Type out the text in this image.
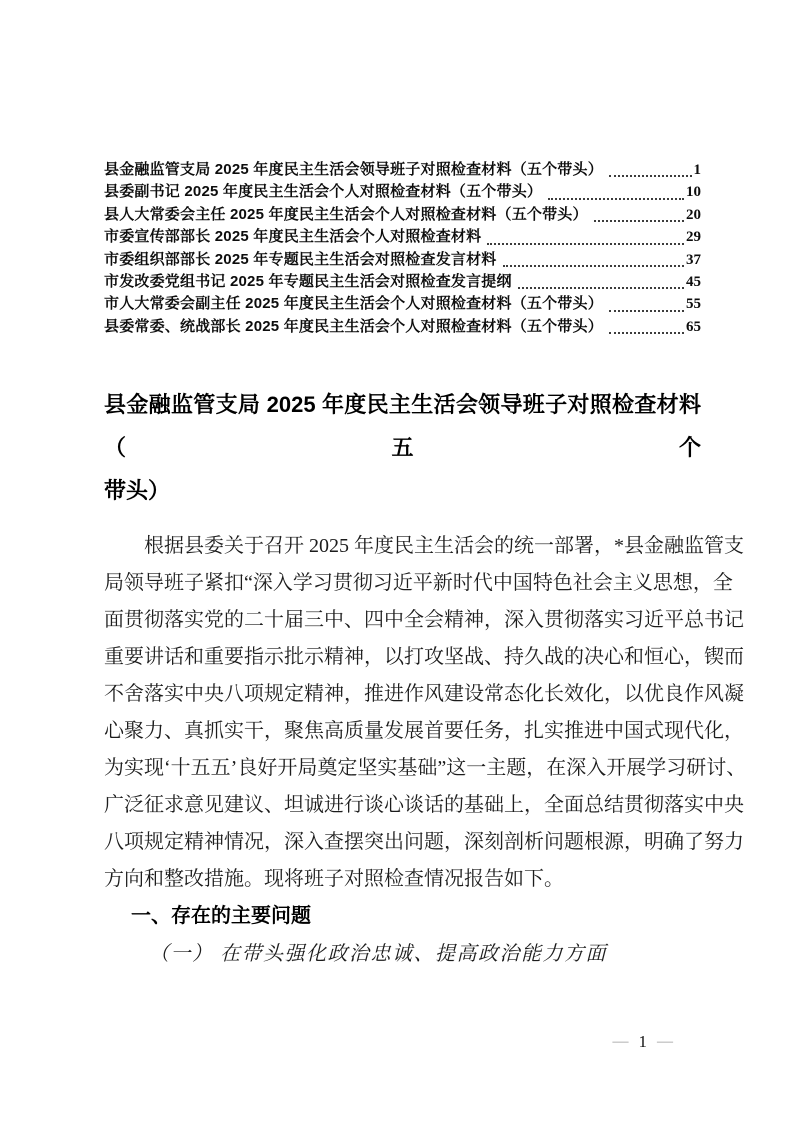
县金融监管支局 2025 年度民主生活会领导班子对照检查材料（五个带头）	1
县委副书记 2025 年度民主生活会个人对照检查材料（五个带头）	10
县人大常委会主任 2025 年度民主生活会个人对照检查材料（五个带头）	20
市委宣传部部长 2025 年度民主生活会个人对照检查材料	29
市委组织部部长 2025 年专题民主生活会对照检查发言材料	37
市发改委党组书记 2025 年专题民主生活会对照检查发言提纲	45
市人大常委会副主任 2025 年度民主生活会个人对照检查材料（五个带头）	55
县委常委、统战部长 2025 年度民主生活会个人对照检查材料（五个带头）	65
县金融监管支局 2025 年度民主生活会领导班子对照检查材料（五个
带头）
根据县委关于召开 2025 年度民主生活会的统一部署，*县金融监管支
局领导班子紧扣“深入学习贯彻习近平新时代中国特色社会主义思想，全
面贯彻落实党的二十届三中、四中全会精神，深入贯彻落实习近平总书记
重要讲话和重要指示批示精神，以打攻坚战、持久战的决心和恒心，锲而
不舍落实中央八项规定精神，推进作风建设常态化长效化，以优良作风凝
心聚力、真抓实干，聚焦高质量发展首要任务，扎实推进中国式现代化，
为实现‘十五五’良好开局奠定坚实基础”这一主题，在深入开展学习研讨、
广泛征求意见建议、坦诚进行谈心谈话的基础上，全面总结贯彻落实中央
八项规定精神情况，深入查摆突出问题，深刻剖析问题根源，明确了努力
方向和整改措施。现将班子对照检查情况报告如下。
一、存在的主要问题
（一） 在带头强化政治忠诚、提高政治能力方面
— 1 —
